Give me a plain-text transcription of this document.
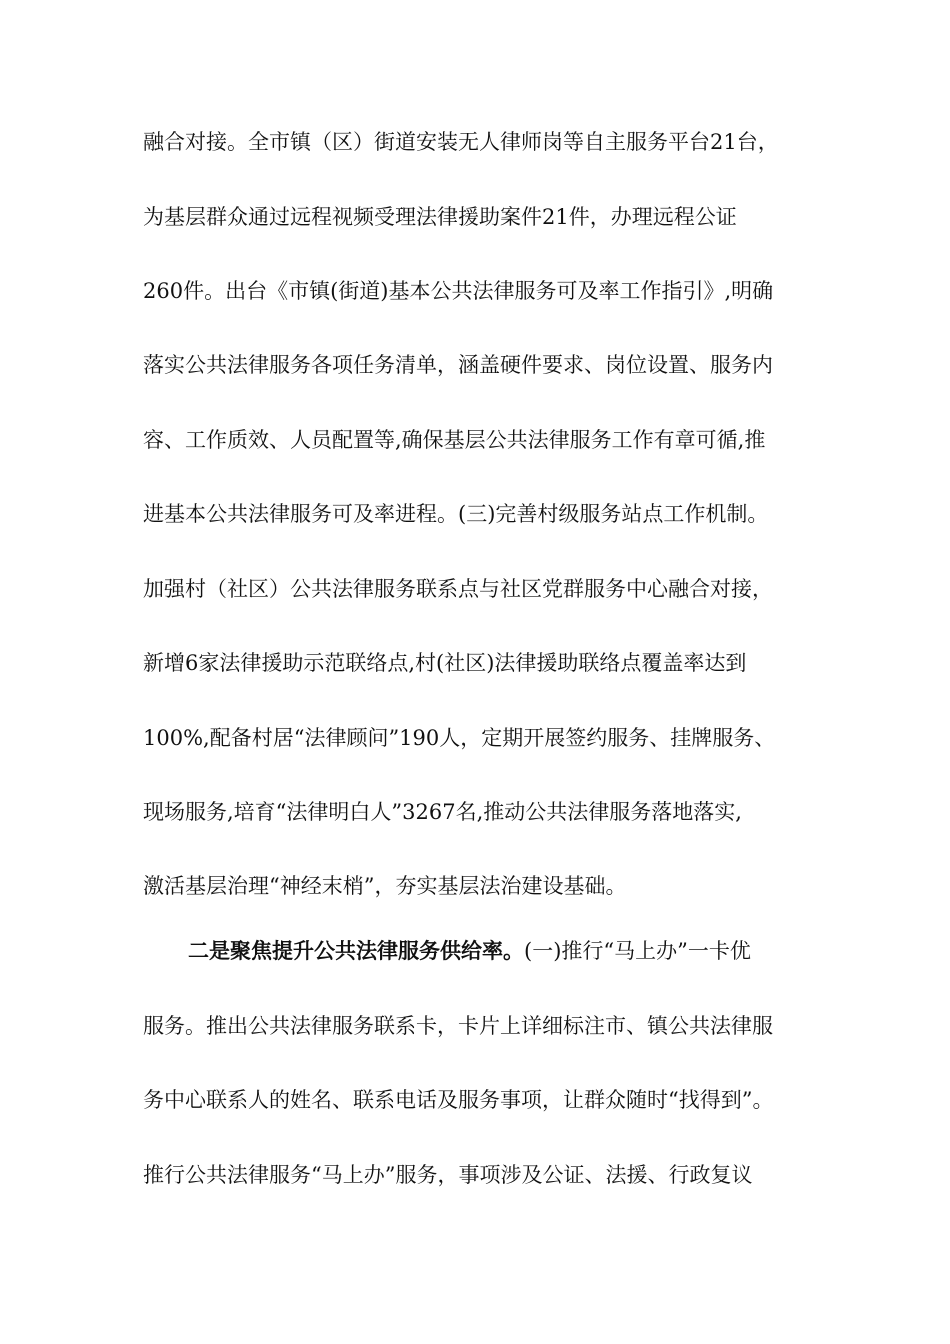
融合对接。全市镇（区）街道安装无人律师岗等自主服务平台21台，
为基层群众通过远程视频受理法律援助案件21件，办理远程公证
260件。出台《市镇(街道)基本公共法律服务可及率工作指引》,明确
落实公共法律服务各项任务清单，涵盖硬件要求、岗位设置、服务内
容、工作质效、人员配置等,确保基层公共法律服务工作有章可循,推
进基本公共法律服务可及率进程。(三)完善村级服务站点工作机制。
加强村（社区）公共法律服务联系点与社区党群服务中心融合对接，
新增6家法律援助示范联络点,村(社区)法律援助联络点覆盖率达到
100%,配备村居“法律顾问”190人，定期开展签约服务、挂牌服务、
现场服务,培育“法律明白人”3267名,推动公共法律服务落地落实,
激活基层治理“神经末梢”，夯实基层法治建设基础。
二是聚焦提升公共法律服务供给率。(一)推行“马上办”一卡优
服务。推出公共法律服务联系卡，卡片上详细标注市、镇公共法律服
务中心联系人的姓名、联系电话及服务事项，让群众随时“找得到”。
推行公共法律服务“马上办”服务，事项涉及公证、法援、行政复议
